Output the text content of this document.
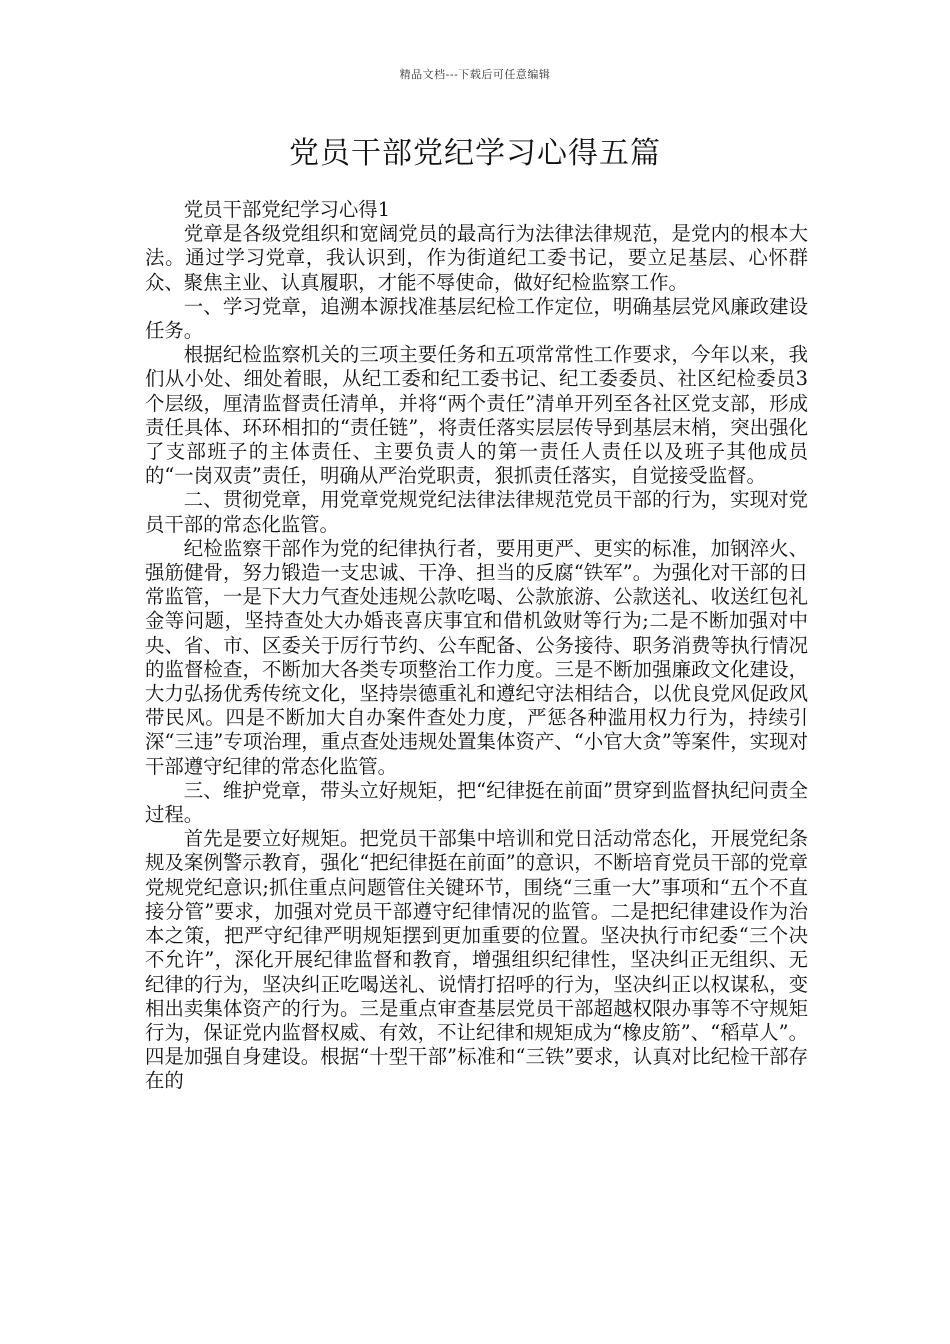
精品文档---下载后可任意编辑
党员干部党纪学习心得五篇

党员干部党纪学习心得1

党章是各级党组织和宽阔党员的最高行为法律法律规范，是党内的根本大法。通过学习党章，我认识到，作为街道纪工委书记，要立足基层、心怀群众、聚焦主业、认真履职，才能不辱使命，做好纪检监察工作。

一、学习党章，追溯本源找准基层纪检工作定位，明确基层党风廉政建设任务。

根据纪检监察机关的三项主要任务和五项常常性工作要求，今年以来，我们从小处、细处着眼，从纪工委和纪工委书记、纪工委委员、社区纪检委员3个层级，厘清监督责任清单，并将“两个责任”清单开列至各社区党支部，形成责任具体、环环相扣的“责任链”，将责任落实层层传导到基层末梢，突出强化了支部班子的主体责任、主要负责人的第一责任人责任以及班子其他成员的“一岗双责”责任，明确从严治党职责，狠抓责任落实，自觉接受监督。

二、贯彻党章，用党章党规党纪法律法律规范党员干部的行为，实现对党员干部的常态化监管。

纪检监察干部作为党的纪律执行者，要用更严、更实的标准，加钢淬火、强筋健骨，努力锻造一支忠诚、干净、担当的反腐“铁军”。为强化对干部的日常监管，一是下大力气查处违规公款吃喝、公款旅游、公款送礼、收送红包礼金等问题，坚持查处大办婚丧喜庆事宜和借机敛财等行为;二是不断加强对中央、省、市、区委关于厉行节约、公车配备、公务接待、职务消费等执行情况的监督检查，不断加大各类专项整治工作力度。三是不断加强廉政文化建设，大力弘扬优秀传统文化，坚持崇德重礼和遵纪守法相结合，以优良党风促政风带民风。四是不断加大自办案件查处力度，严惩各种滥用权力行为，持续引深“三违”专项治理，重点查处违规处置集体资产、“小官大贪”等案件，实现对干部遵守纪律的常态化监管。

三、维护党章，带头立好规矩，把“纪律挺在前面”贯穿到监督执纪问责全过程。

首先是要立好规矩。把党员干部集中培训和党日活动常态化，开展党纪条规及案例警示教育，强化“把纪律挺在前面”的意识，不断培育党员干部的党章党规党纪意识;抓住重点问题管住关键环节，围绕“三重一大”事项和“五个不直接分管”要求，加强对党员干部遵守纪律情况的监管。二是把纪律建设作为治本之策，把严守纪律严明规矩摆到更加重要的位置。坚决执行市纪委“三个决不允许”，深化开展纪律监督和教育，增强组织纪律性，坚决纠正无组织、无纪律的行为，坚决纠正吃喝送礼、说情打招呼的行为，坚决纠正以权谋私，变相出卖集体资产的行为。三是重点审查基层党员干部超越权限办事等不守规矩行为，保证党内监督权威、有效，不让纪律和规矩成为“橡皮筋”、“稻草人”。四是加强自身建设。根据“十型干部”标准和“三铁”要求，认真对比纪检干部存在的
